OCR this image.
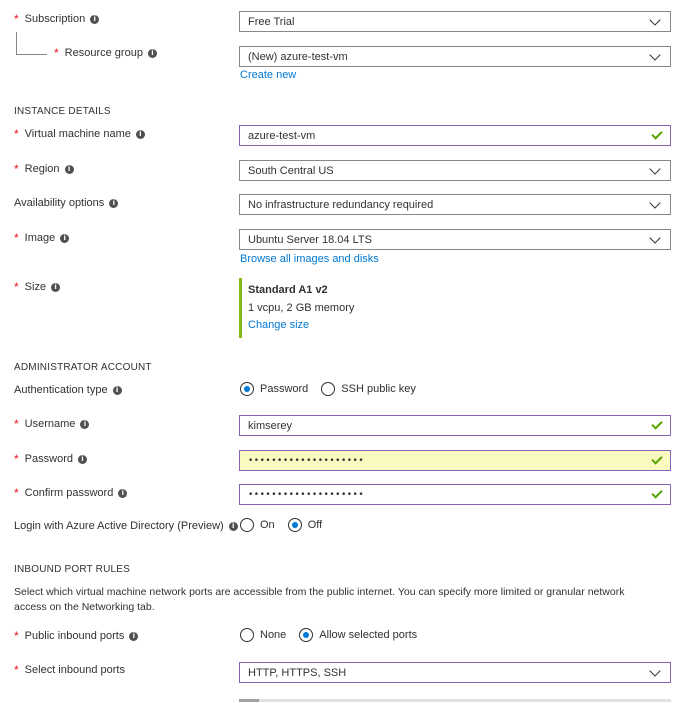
* Subscription	i	Free Trial
* Resource group	i	(New) azure-test-vm
Create new
INSTANCE DETAILS
* Virtual machine name	i	azure-test-vm
* Region	i	South Central US
Availability options	i	No infrastructure redundancy required
* Image	i	Ubuntu Server 18.04 LTS
Browse all images and disks
* Size	i	Standard A1 v2
1 vcpu, 2 GB memory
Change size
ADMINISTRATOR ACCOUNT
Authentication type	i	Password	SSH public key
* Username	i	kimserey
* Password	i	••••••••••••••••••••
* Confirm password	i	••••••••••••••••••••
Login with Azure Active Directory (Preview)	i On	Off
INBOUND PORT RULES
Select which virtual machine network ports are accessible from the public internet. You can specify more limited or granular network access on the Networking tab.
* Public inbound ports	i	None	Allow selected ports
* Select inbound ports	HTTP, HTTPS, SSH
